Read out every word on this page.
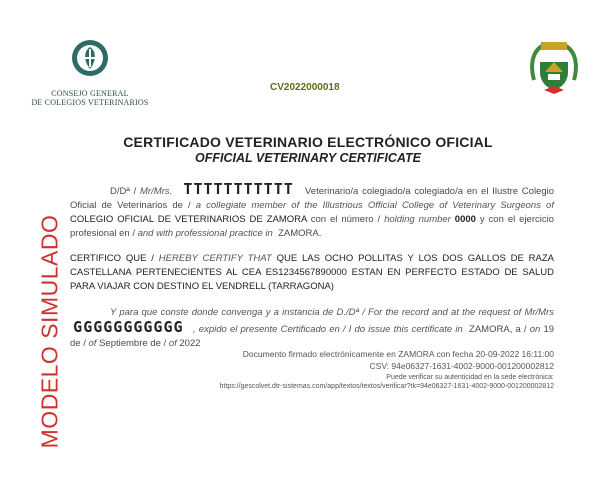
CONSEJO GENERAL
DE COLEGIOS VETERINARIOS
CV2022000018
CERTIFICADO VETERINARIO ELECTRÓNICO OFICIAL
OFFICIAL VETERINARY CERTIFICATE
MODELO SIMULADO
D/Dª / Mr/Mrs. TTTTTTTTTTT Veterinario/a colegiado/a colegiado/a en el Ilustre Colegio Oficial de Veterinarios de / a collegiate member of the Illustrious Official College of Veterinary Surgeons of COLEGIO OFICIAL DE VETERINARIOS DE ZAMORA con el número / holding number 0000 y con el ejercicio profesional en / and with professional practice in ZAMORA.
CERTIFICO QUE / HEREBY CERTIFY THAT QUE LAS OCHO POLLITAS Y LOS DOS GALLOS DE RAZA CASTELLANA PERTENECIENTES AL CEA ES1234567890000 ESTAN EN PERFECTO ESTADO DE SALUD PARA VIAJAR CON DESTINO EL VENDRELL (TARRAGONA)
Y para que conste donde convenga y a instancia de D./Dª / For the record and at the request of Mr/Mrs  GGGGGGGGGGG , expido el presente Certificado en / I do issue this certificate in ZAMORA, a / on 19 de / of Septiembre de / of 2022
Documento firmado electrónicamente en ZAMORA con fecha 20-09-2022 16:11:00
CSV: 94e06327-1631-4002-9000-001200002812
Puede verificar su autenticidad en la sede electrónica:
https://gescolvet.dtr-sistemas.com/app/textos/textos/verificar?tk=94e06327-1631-4002-9000-001200002812
